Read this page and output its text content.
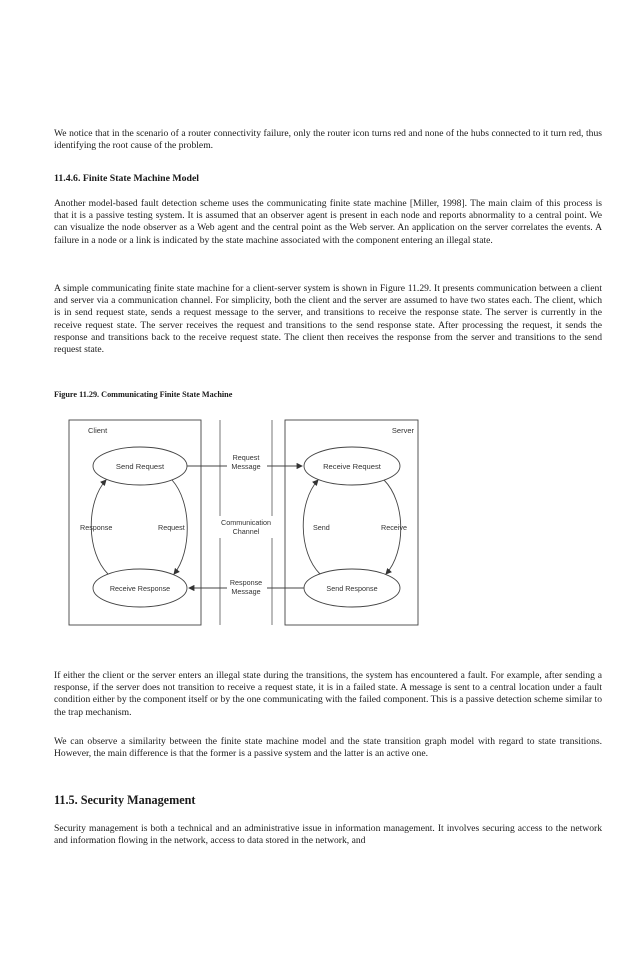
We notice that in the scenario of a router connectivity failure, only the router icon turns red and none of the hubs connected to it turn red, thus identifying the root cause of the problem.

11.4.6. Finite State Machine Model

Another model-based fault detection scheme uses the communicating finite state machine [Miller, 1998]. The main claim of this process is that it is a passive testing system. It is assumed that an observer agent is present in each node and reports abnormality to a central point. We can visualize the node observer as a Web agent and the central point as the Web server. An application on the server correlates the events. A failure in a node or a link is indicated by the state machine associated with the component entering an illegal state.

A simple communicating finite state machine for a client-server system is shown in Figure 11.29. It presents communication between a client and server via a communication channel. For simplicity, both the client and the server are assumed to have two states each. The client, which is in send request state, sends a request message to the server, and transitions to receive the response state. The server is currently in the receive request state. The server receives the request and transitions to the send response state. After processing the request, it sends the response and transitions back to the receive request state. The client then receives the response from the server and transitions to the send request state.

Figure 11.29. Communicating Finite State Machine

Client	Server
Send Request
Receive Response
Receive Request
Send Response
Response	Request	Send	Receive
Request
Message
Communication
Channel
Response
Message

If either the client or the server enters an illegal state during the transitions, the system has encountered a fault. For example, after sending a response, if the server does not transition to receive a request state, it is in a failed state. A message is sent to a central location under a fault condition either by the component itself or by the one communicating with the failed component. This is a passive detection scheme similar to the trap mechanism.

We can observe a similarity between the finite state machine model and the state transition graph model with regard to state transitions. However, the main difference is that the former is a passive system and the latter is an active one.

11.5. Security Management

Security management is both a technical and an administrative issue in information management. It involves securing access to the network and information flowing in the network, access to data stored in the network, and
